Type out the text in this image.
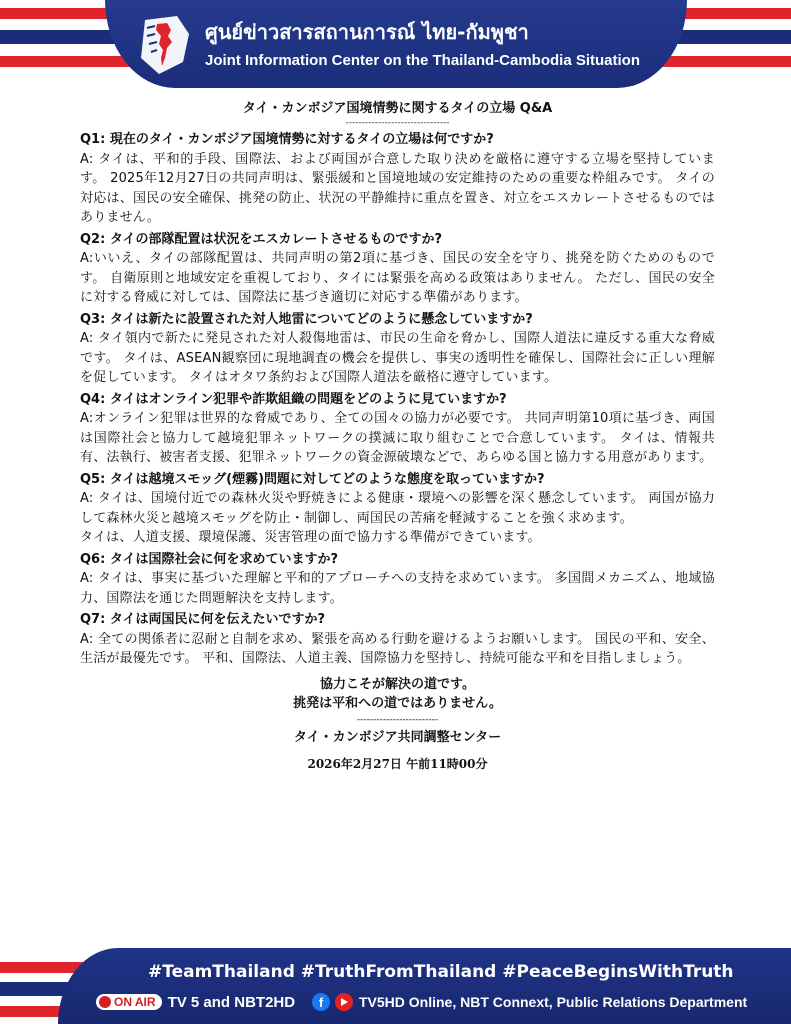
ศูนย์ข่าวสารสถานการณ์ ไทย-กัมพูชา
Joint Information Center on the Thailand-Cambodia Situation
タイ・カンボジア国境情勢に関するタイの立場 Q&A
--------------------------------
Q1: 現在のタイ・カンボジア国境情勢に対するタイの立場は何ですか?
A: タイは、平和的手段、国際法、および両国が合意した取り決めを厳格に遵守する立場を堅持しています。 2025年12月27日の共同声明は、緊張緩和と国境地域の安定維持のための重要な枠組みです。 タイの対応は、国民の安全確保、挑発の防止、状況の平静維持に重点を置き、対立をエスカレートさせるものではありません。
Q2: タイの部隊配置は状況をエスカレートさせるものですか?
A:いいえ、タイの部隊配置は、共同声明の第2項に基づき、国民の安全を守り、挑発を防ぐためのものです。 自衛原則と地域安定を重視しており、タイには緊張を高める政策はありません。 ただし、国民の安全に対する脅威に対しては、国際法に基づき適切に対応する準備があります。
Q3: タイは新たに設置された対人地雷についてどのように懸念していますか?
A: タイ領内で新たに発見された対人殺傷地雷は、市民の生命を脅かし、国際人道法に違反する重大な脅威です。 タイは、ASEAN観察団に現地調査の機会を提供し、事実の透明性を確保し、国際社会に正しい理解を促しています。 タイはオタワ条約および国際人道法を厳格に遵守しています。
Q4: タイはオンライン犯罪や詐欺組織の問題をどのように見ていますか?
A:オンライン犯罪は世界的な脅威であり、全ての国々の協力が必要です。 共同声明第10項に基づき、両国は国際社会と協力して越境犯罪ネットワークの撲滅に取り組むことで合意しています。 タイは、情報共有、法執行、被害者支援、犯罪ネットワークの資金源破壊などで、あらゆる国と協力する用意があります。
Q5: タイは越境スモッグ(煙霧)問題に対してどのような態度を取っていますか?
A: タイは、国境付近での森林火災や野焼きによる健康・環境への影響を深く懸念しています。 両国が協力して森林火災と越境スモッグを防止・制御し、両国民の苦痛を軽減することを強く求めます。
タイは、人道支援、環境保護、災害管理の面で協力する準備ができています。
Q6: タイは国際社会に何を求めていますか?
A: タイは、事実に基づいた理解と平和的アプローチへの支持を求めています。 多国間メカニズム、地域協力、国際法を通じた問題解決を支持します。
Q7: タイは両国民に何を伝えたいですか?
A: 全ての関係者に忍耐と自制を求め、緊張を高める行動を避けるようお願いします。 国民の平和、安全、生活が最優先です。 平和、国際法、人道主義、国際協力を堅持し、持続可能な平和を目指しましょう。
協力こそが解決の道です。
挑発は平和への道ではありません。
-------------------------
タイ・カンボジア共同調整センター
2026年2月27日 午前11時00分
#TeamThailand #TruthFromThailand #PeaceBeginsWithTruth
ON AIR TV 5 and NBT2HD	f	TV5HD Online, NBT Connext, Public Relations Department
